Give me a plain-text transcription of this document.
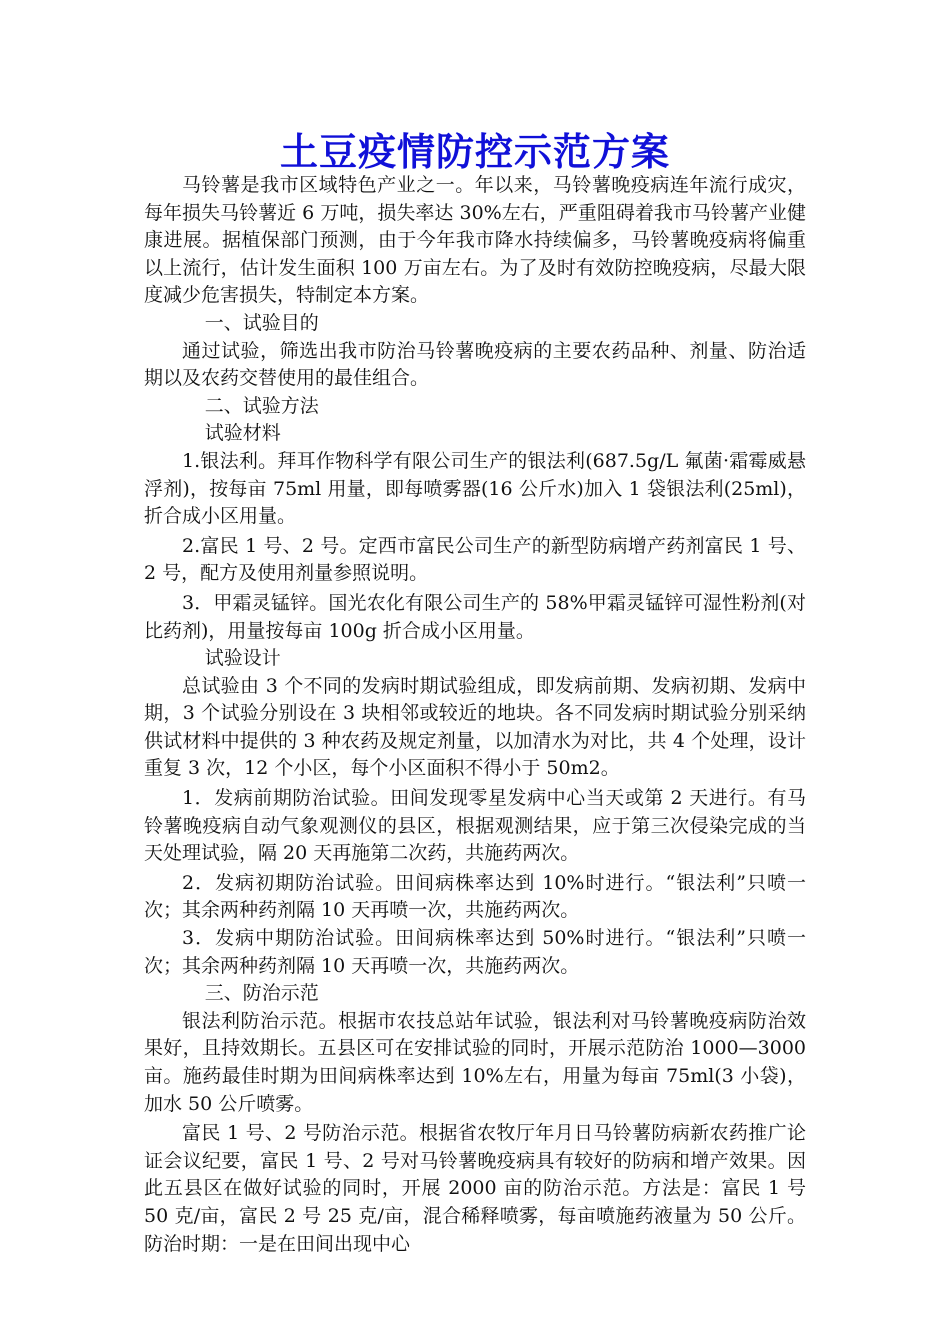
土豆疫情防控示范方案

马铃薯是我市区域特色产业之一。年以来，马铃薯晚疫病连年流行成灾，每年损失马铃薯近 6 万吨，损失率达 30%左右，严重阻碍着我市马铃薯产业健康进展。据植保部门预测，由于今年我市降水持续偏多，马铃薯晚疫病将偏重以上流行，估计发生面积 100 万亩左右。为了及时有效防控晚疫病，尽最大限度减少危害损失，特制定本方案。

一、试验目的

通过试验，筛选出我市防治马铃薯晚疫病的主要农药品种、剂量、防治适期以及农药交替使用的最佳组合。

二、试验方法

试验材料

1.银法利。拜耳作物科学有限公司生产的银法利(687.5g/L 氟菌·霜霉威悬浮剂)，按每亩 75ml 用量，即每喷雾器(16 公斤水)加入 1 袋银法利(25ml)，折合成小区用量。

2.富民 1 号、2 号。定西市富民公司生产的新型防病增产药剂富民 1 号、2 号，配方及使用剂量参照说明。

3．甲霜灵锰锌。国光农化有限公司生产的 58%甲霜灵锰锌可湿性粉剂(对比药剂)，用量按每亩 100g 折合成小区用量。

试验设计

总试验由 3 个不同的发病时期试验组成，即发病前期、发病初期、发病中期，3 个试验分别设在 3 块相邻或较近的地块。各不同发病时期试验分别采纳供试材料中提供的 3 种农药及规定剂量，以加清水为对比，共 4 个处理，设计重复 3 次，12 个小区，每个小区面积不得小于 50m2。

1．发病前期防治试验。田间发现零星发病中心当天或第 2 天进行。有马铃薯晚疫病自动气象观测仪的县区，根据观测结果，应于第三次侵染完成的当天处理试验，隔 20 天再施第二次药，共施药两次。

2．发病初期防治试验。田间病株率达到 10%时进行。“银法利”只喷一次；其余两种药剂隔 10 天再喷一次，共施药两次。

3．发病中期防治试验。田间病株率达到 50%时进行。“银法利”只喷一次；其余两种药剂隔 10 天再喷一次，共施药两次。

三、防治示范

银法利防治示范。根据市农技总站年试验，银法利对马铃薯晚疫病防治效果好，且持效期长。五县区可在安排试验的同时，开展示范防治 1000—3000 亩。施药最佳时期为田间病株率达到 10%左右，用量为每亩 75ml(3 小袋)，加水 50 公斤喷雾。

富民 1 号、2 号防治示范。根据省农牧厅年月日马铃薯防病新农药推广论证会议纪要，富民 1 号、2 号对马铃薯晚疫病具有较好的防病和增产效果。因此五县区在做好试验的同时，开展 2000 亩的防治示范。方法是：富民 1 号 50 克/亩，富民 2 号 25 克/亩，混合稀释喷雾，每亩喷施药液量为 50 公斤。防治时期：一是在田间出现中心
